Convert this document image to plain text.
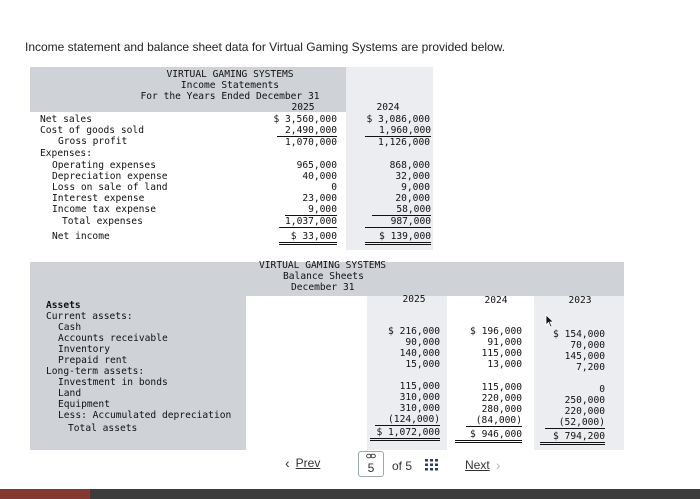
Income statement and balance sheet data for Virtual Gaming Systems are provided below.
VIRTUAL GAMING SYSTEMS
Income Statements
For the Years Ended December 31
2025	2024
Net sales	$ 3,560,000	$ 3,086,000
Cost of goods sold	2,490,000	1,960,000
Gross profit	1,070,000	1,126,000
Expenses:
Operating expenses	965,000	868,000
Depreciation expense	40,000	32,000
Loss on sale of land	0	9,000
Interest expense	23,000	20,000
Income tax expense	9,000	58,000
Total expenses	1,037,000	987,000
Net income	$ 33,000	$ 139,000
VIRTUAL GAMING SYSTEMS
Balance Sheets
December 31
2025	2024	2023
Assets
Current assets:
Cash	$ 216,000	$ 196,000	$ 154,000
Accounts receivable	90,000	91,000	70,000
Inventory	140,000	115,000	145,000
Prepaid rent	15,000	13,000	7,200
Long-term assets:
Investment in bonds	115,000	115,000	0
Land	310,000	220,000	250,000
Equipment	310,000	280,000	220,000
Less: Accumulated depreciation	(124,000)	(84,000)	(52,000)
Total assets	$ 1,072,000	$ 946,000	$ 794,200
‹ Prev	5	of 5	Next ›
